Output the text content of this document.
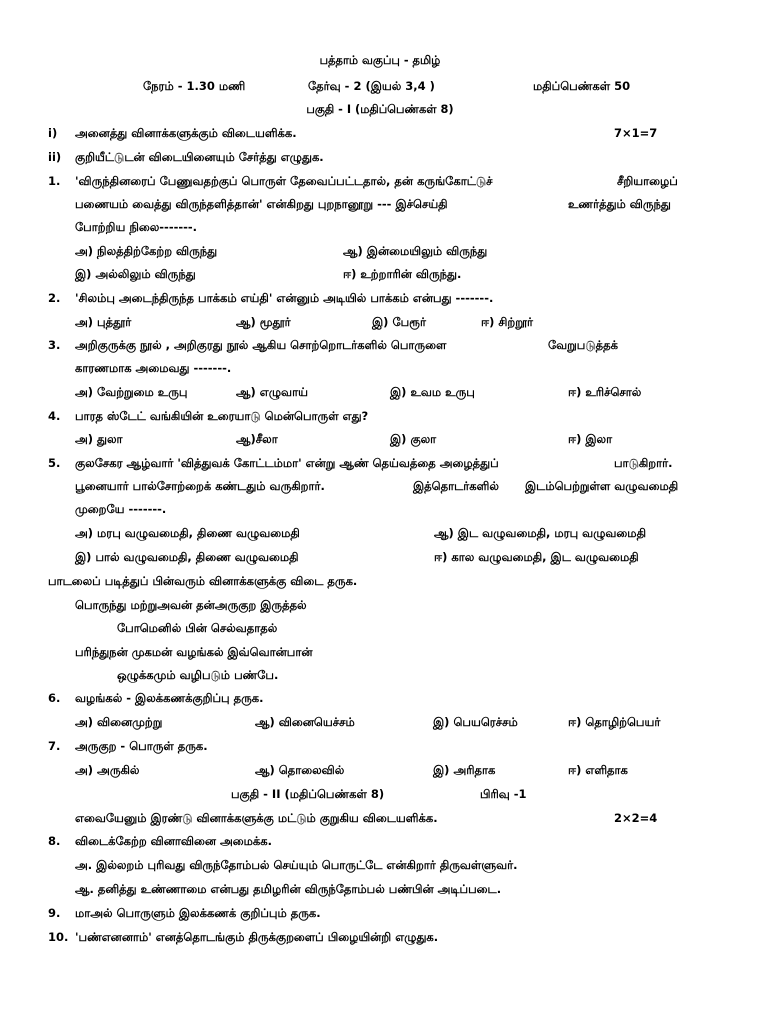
பத்தாம் வகுப்பு - தமிழ்
நேரம் - 1.30 மணி	தேர்வு - 2 (இயல் 3,4 )	மதிப்பெண்கள் 50
பகுதி - I (மதிப்பெண்கள் 8)
i) அனைத்து வினாக்களுக்கும் விடையளிக்க.	7×1=7
ii) குறியீட்டுடன் விடையினையும் சேர்த்து எழுதுக.
1. 'விருந்தினரைப் பேணுவதற்குப் பொருள் தேவைப்பட்டதால், தன் கருங்கோட்டுச்	சீறியாழைப்
பணையம் வைத்து விருந்தளித்தான்' என்கிறது புறநானூறு --- இச்செய்தி	உணர்த்தும் விருந்து
போற்றிய நிலை-------.
அ) நிலத்திற்கேற்ற விருந்து	ஆ) இன்மையிலும் விருந்து
இ) அல்லிலும் விருந்து	ஈ) உற்றாரின் விருந்து.
2. 'சிலம்பு அடைந்திருந்த பாக்கம் எய்தி' என்னும் அடியில் பாக்கம் என்பது -------.
அ) புத்தூர்	ஆ) மூதூர்	இ) பேரூர்	ஈ) சிற்றூர்
3. அறிகுருக்கு நூல் , அறிகுரது நூல் ஆகிய சொற்றொடர்களில் பொருளை	வேறுபடுத்தக்
காரணமாக அமைவது -------.
அ) வேற்றுமை உருபு	ஆ) எழுவாய்	இ) உவம உருபு	ஈ) உரிச்சொல்
4. பாரத ஸ்டேட் வங்கியின் உரையாடு மென்பொருள் எது?
அ) துலா	ஆ)சீலா	இ) குலா	ஈ) இலா
5. குலசேகர ஆழ்வார் 'வித்துவக் கோட்டம்மா' என்று ஆண் தெய்வத்தை அழைத்துப்	பாடுகிறார்.
பூனையார் பால்சோற்றைக் கண்டதும் வருகிறார்.	இத்தொடர்களில் இடம்பெற்றுள்ள வழுவமைதி
முறையே -------.
அ) மரபு வழுவமைதி, திணை வழுவமைதி	ஆ) இட வழுவமைதி, மரபு வழுவமைதி
இ) பால் வழுவமைதி, திணை வழுவமைதி	ஈ) கால வழுவமைதி, இட வழுவமைதி
பாடலைப் படித்துப் பின்வரும் வினாக்களுக்கு விடை தருக.
பொருந்து மற்றுஅவன் தன்அருகுற இருத்தல்
போமெனில் பின் செல்வதாதல்
பரிந்துநன் முகமன் வழங்கல் இவ்வொன்பான்
ஒழுக்கமும் வழிபடும் பண்பே.
6. வழங்கல் - இலக்கணக்குறிப்பு தருக.
அ) வினைமுற்று	ஆ) வினையெச்சம்	இ) பெயரெச்சம்	ஈ) தொழிற்பெயர்
7. அருகுற - பொருள் தருக.
அ) அருகில்	ஆ) தொலைவில்	இ) அரிதாக	ஈ) எளிதாக
பகுதி - II (மதிப்பெண்கள் 8)	பிரிவு -1
எவையேனும் இரண்டு வினாக்களுக்கு மட்டும் குறுகிய விடையளிக்க.	2×2=4
8. விடைக்கேற்ற வினாவினை அமைக்க.
அ. இல்லறம் புரிவது விருந்தோம்பல் செய்யும் பொருட்டே என்கிறார் திருவள்ளுவர்.
ஆ. தனித்து உண்ணாமை என்பது தமிழரின் விருந்தோம்பல் பண்பின் அடிப்படை.
9. மாஅல் பொருளும் இலக்கணக் குறிப்பும் தருக.
10. 'பண்எனனாம்' எனத்தொடங்கும் திருக்குறளைப் பிழையின்றி எழுதுக.
